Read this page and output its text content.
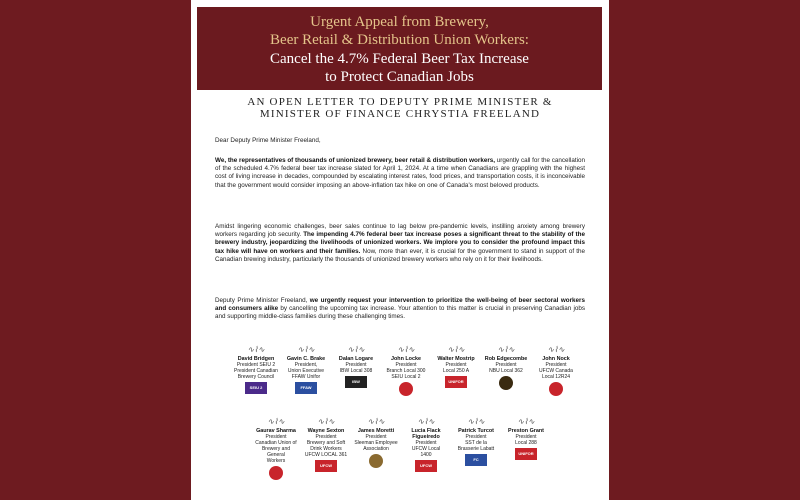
Urgent Appeal from Brewery,
Beer Retail & Distribution Union Workers:
Cancel the 4.7% Federal Beer Tax Increase
to Protect Canadian Jobs
AN OPEN LETTER TO DEPUTY PRIME MINISTER &
MINISTER OF FINANCE CHRYSTIA FREELAND
Dear Deputy Prime Minister Freeland,
We, the representatives of thousands of unionized brewery, beer retail & distribution workers, urgently call for the cancellation of the scheduled 4.7% federal beer tax increase slated for April 1, 2024. At a time when Canadians are grappling with the highest cost of living increase in decades, compounded by escalating interest rates, food prices, and transportation costs, it is inconceivable that the government would consider imposing an above-inflation tax hike on one of Canada's most beloved products.
Amidst lingering economic challenges, beer sales continue to lag below pre-pandemic levels, instilling anxiety among brewery workers regarding job security. The impending 4.7% federal beer tax increase poses a significant threat to the stability of the brewery industry, jeopardizing the livelihoods of unionized workers. We implore you to consider the profound impact this tax hike will have on workers and their families. Now, more than ever, it is crucial for the government to stand in support of the Canadian brewing industry, particularly the thousands of unionized brewery workers who rely on it for their livelihoods.
Deputy Prime Minister Freeland, we urgently request your intervention to prioritize the well-being of beer sectoral workers and consumers alike by cancelling the upcoming tax increase. Your attention to this matter is crucial in preserving Canadian jobs and supporting middle-class families during these challenging times.
∿⌇∿
David Bridgen
President SEIU 2
President Canadian
Brewery Council
SEIU 2
∿⌇∿
Gavin C. Brake
President,
Union Executive
FFAW Unifor
FFAW UNIFOR
∿⌇∿
Dalan Logare
President
IBW Local 308
IBW
∿⌇∿
John Locke
President
Branch Local 300
SEIU Local 2
∿⌇∿
Walter Mostrip
President
Local 250 A
UNIFOR
∿⌇∿
Rob Edgecombe
President
NBU Local 362
∿⌇∿
John Nock
President
UFCW Canada
Local 12R24
∿⌇∿
Gaurav Sharma
President
Canadian Union of
Brewery and General
Workers
∿⌇∿
Wayne Sexton
President
Brewery and Soft
Drink Workers
UFCW LOCAL 361
UFCW
∿⌇∿
James Moretti
President
Sleeman Employee
Association
∿⌇∿
Lucia Flack Figueiredo
President
UFCW Local
1400
UFCW
∿⌇∿
Patrick Turcot
President
SST de la
Brasserie Labatt
FC
∿⌇∿
Preston Grant
President
Local 288
UNIFOR
